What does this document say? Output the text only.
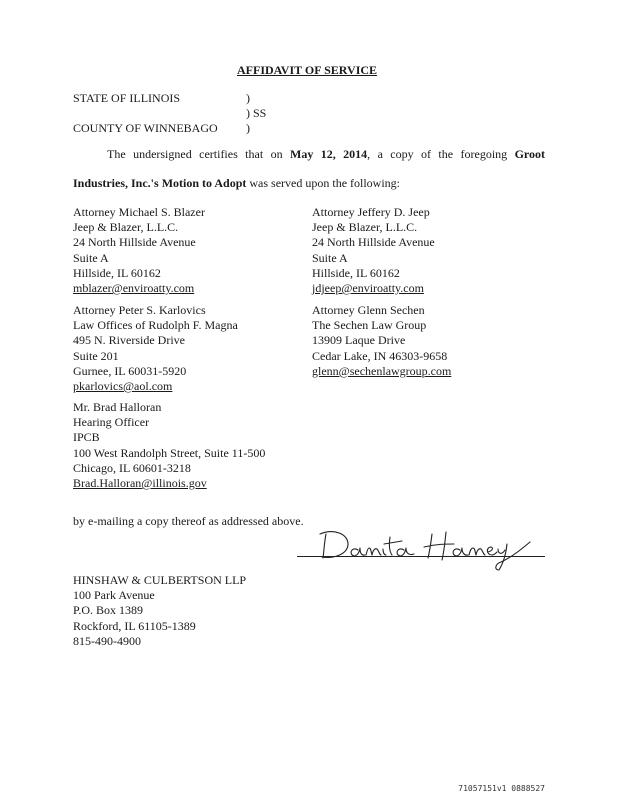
AFFIDAVIT OF SERVICE
STATE OF ILLINOIS	)
) SS
COUNTY OF WINNEBAGO )
The undersigned certifies that on May 12, 2014, a copy of the foregoing Groot
Industries, Inc.'s Motion to Adopt was served upon the following:
Attorney Michael S. Blazer
Jeep & Blazer, L.L.C.
24 North Hillside Avenue
Suite A
Hillside, IL 60162
mblazer@enviroatty.com
Attorney Jeffery D. Jeep
Jeep & Blazer, L.L.C.
24 North Hillside Avenue
Suite A
Hillside, IL 60162
jdjeep@enviroatty.com
Attorney Peter S. Karlovics
Law Offices of Rudolph F. Magna
495 N. Riverside Drive
Suite 201
Gurnee, IL 60031-5920
pkarlovics@aol.com
Attorney Glenn Sechen
The Sechen Law Group
13909 Laque Drive
Cedar Lake, IN 46303-9658
glenn@sechenlawgroup.com
Mr. Brad Halloran
Hearing Officer
IPCB
100 West Randolph Street, Suite 11-500
Chicago, IL 60601-3218
Brad.Halloran@illinois.gov
by e-mailing a copy thereof as addressed above.
HINSHAW & CULBERTSON LLP
100 Park Avenue
P.O. Box 1389
Rockford, IL 61105-1389
815-490-4900
71057151v1 0888527
